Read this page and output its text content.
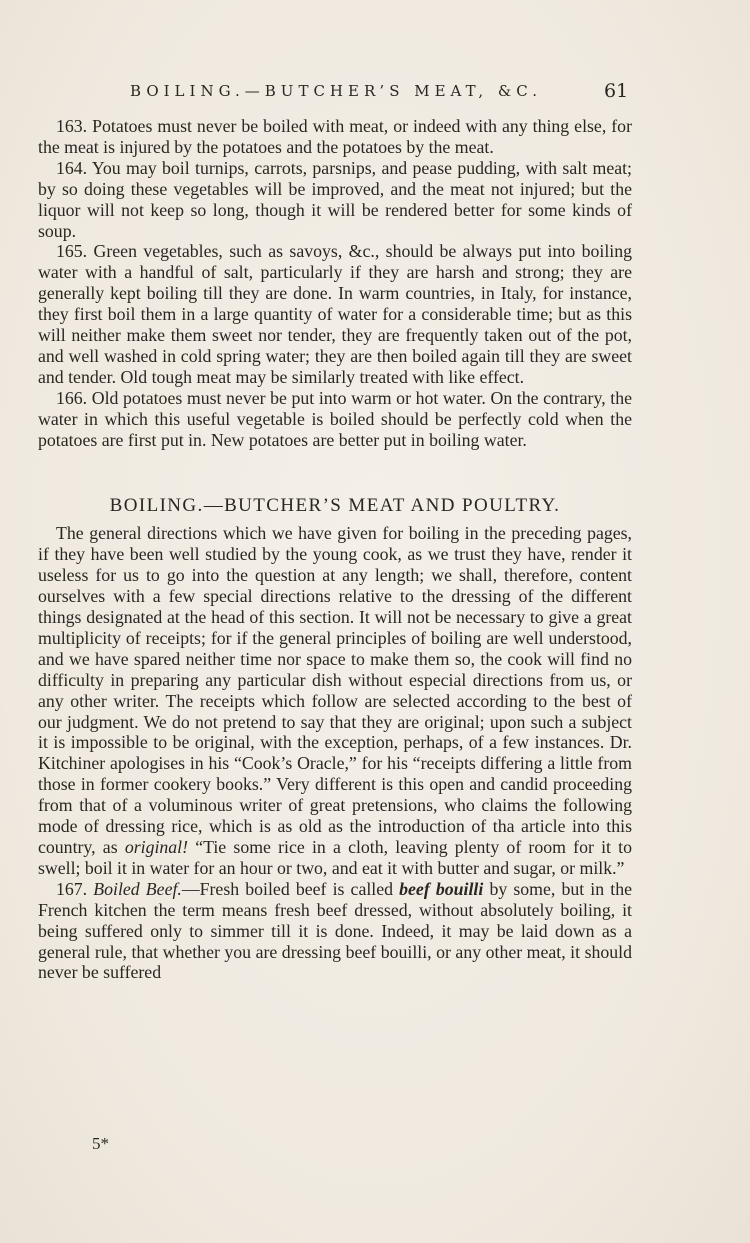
BOILING.—BUTCHER’S MEAT, &C.	61

163. Potatoes must never be boiled with meat, or indeed with any thing else, for the meat is injured by the potatoes and the potatoes by the meat.

164. You may boil turnips, carrots, parsnips, and pease pudding, with salt meat; by so doing these vegetables will be improved, and the meat not injured; but the liquor will not keep so long, though it will be rendered better for some kinds of soup.

165. Green vegetables, such as savoys, &c., should be always put into boiling water with a handful of salt, particularly if they are harsh and strong; they are generally kept boiling till they are done. In warm countries, in Italy, for instance, they first boil them in a large quantity of water for a considerable time; but as this will neither make them sweet nor tender, they are frequently taken out of the pot, and well washed in cold spring water; they are then boiled again till they are sweet and tender. Old tough meat may be similarly treated with like effect.

166. Old potatoes must never be put into warm or hot water. On the contrary, the water in which this useful vegetable is boiled should be perfectly cold when the potatoes are first put in. New potatoes are better put in boiling water.

BOILING.—BUTCHER’S MEAT AND POULTRY.

The general directions which we have given for boiling in the preceding pages, if they have been well studied by the young cook, as we trust they have, render it useless for us to go into the question at any length; we shall, therefore, content ourselves with a few special directions relative to the dressing of the different things designated at the head of this section. It will not be necessary to give a great multiplicity of receipts; for if the general principles of boiling are well understood, and we have spared neither time nor space to make them so, the cook will find no difficulty in preparing any particular dish without especial directions from us, or any other writer. The receipts which follow are selected according to the best of our judgment. We do not pretend to say that they are original; upon such a subject it is impossible to be original, with the exception, perhaps, of a few instances. Dr. Kitchiner apologises in his “Cook’s Oracle,” for his “receipts differing a little from those in former cookery books.” Very different is this open and candid proceeding from that of a voluminous writer of great pretensions, who claims the following mode of dressing rice, which is as old as the introduction of tha article into this country, as original! “Tie some rice in a cloth, leaving plenty of room for it to swell; boil it in water for an hour or two, and eat it with butter and sugar, or milk.”

167. Boiled Beef.—Fresh boiled beef is called beef bouilli by some, but in the French kitchen the term means fresh beef dressed, without absolutely boiling, it being suffered only to simmer till it is done. Indeed, it may be laid down as a general rule, that whether you are dressing beef bouilli, or any other meat, it should never be suffered

5*
